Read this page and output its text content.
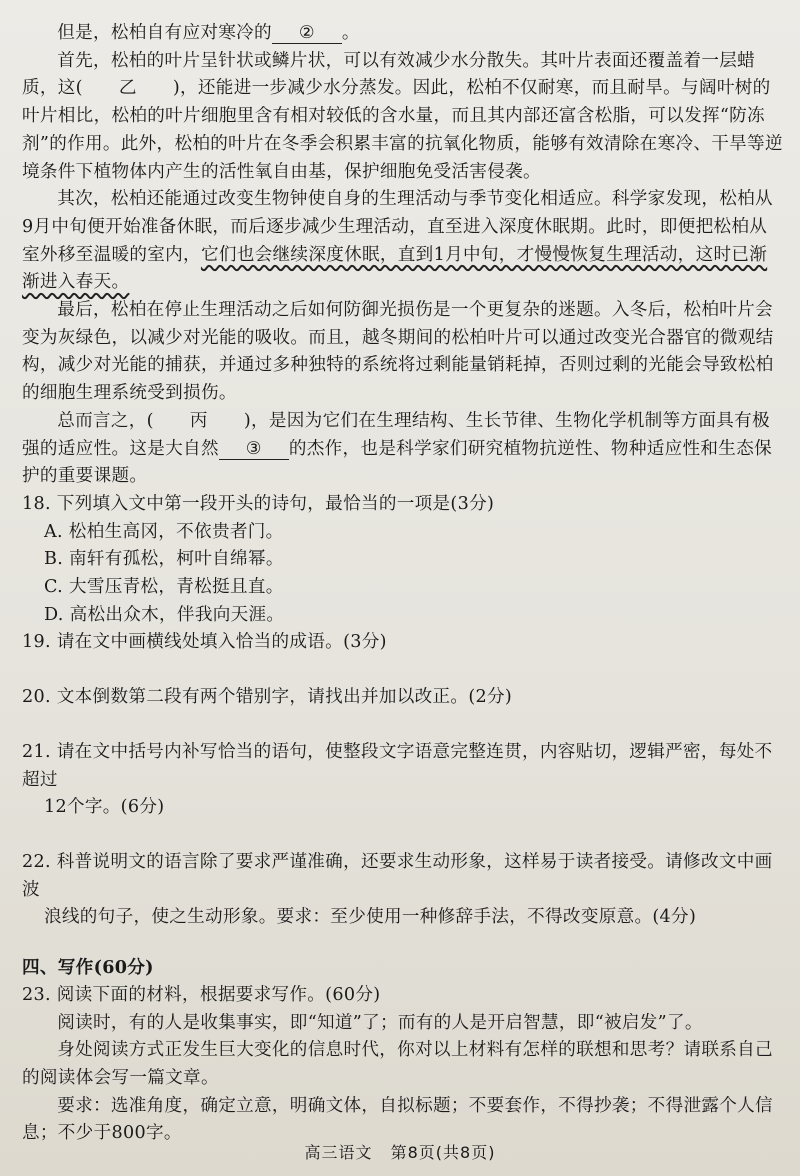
但是，松柏自有应对寒冷的 ② 。

首先，松柏的叶片呈针状或鳞片状，可以有效减少水分散失。其叶片表面还覆盖着一层蜡质，这( 乙 )，还能进一步减少水分蒸发。因此，松柏不仅耐寒，而且耐旱。与阔叶树的叶片相比，松柏的叶片细胞里含有相对较低的含水量，而且其内部还富含松脂，可以发挥“防冻剂”的作用。此外，松柏的叶片在冬季会积累丰富的抗氧化物质，能够有效清除在寒冷、干旱等逆境条件下植物体内产生的活性氧自由基，保护细胞免受活害侵袭。

其次，松柏还能通过改变生物钟使自身的生理活动与季节变化相适应。科学家发现，松柏从9月中旬便开始准备休眠，而后逐步减少生理活动，直至进入深度休眠期。此时，即便把松柏从室外移至温暖的室内，它们也会继续深度休眠，直到1月中旬，才慢慢恢复生理活动，这时已渐渐进入春天。

最后，松柏在停止生理活动之后如何防御光损伤是一个更复杂的迷题。入冬后，松柏叶片会变为灰绿色，以减少对光能的吸收。而且，越冬期间的松柏叶片可以通过改变光合器官的微观结构，减少对光能的捕获，并通过多种独特的系统将过剩能量销耗掉，否则过剩的光能会导致松柏的细胞生理系统受到损伤。

总而言之，( 丙 )，是因为它们在生理结构、生长节律、生物化学机制等方面具有极强的适应性。这是大自然 ③ 的杰作，也是科学家们研究植物抗逆性、物种适应性和生态保护的重要课题。

18. 下列填入文中第一段开头的诗句，最恰当的一项是(3分)

A. 松柏生高冈，不依贵者门。

B. 南轩有孤松，柯叶自绵幂。

C. 大雪压青松，青松挺且直。

D. 高松出众木，伴我向天涯。

19. 请在文中画横线处填入恰当的成语。(3分)

20. 文本倒数第二段有两个错别字，请找出并加以改正。(2分)

21. 请在文中括号内补写恰当的语句，使整段文字语意完整连贯，内容贴切，逻辑严密，每处不超过

12个字。(6分)

22. 科普说明文的语言除了要求严谨准确，还要求生动形象，这样易于读者接受。请修改文中画波

浪线的句子，使之生动形象。要求：至少使用一种修辞手法，不得改变原意。(4分)

四、写作(60分)

23. 阅读下面的材料，根据要求写作。(60分)

阅读时，有的人是收集事实，即“知道”了；而有的人是开启智慧，即“被启发”了。

身处阅读方式正发生巨大变化的信息时代，你对以上材料有怎样的联想和思考？请联系自己的阅读体会写一篇文章。

要求：选准角度，确定立意，明确文体，自拟标题；不要套作，不得抄袭；不得泄露个人信息；不少于800字。

高三语文 第8页(共8页)
